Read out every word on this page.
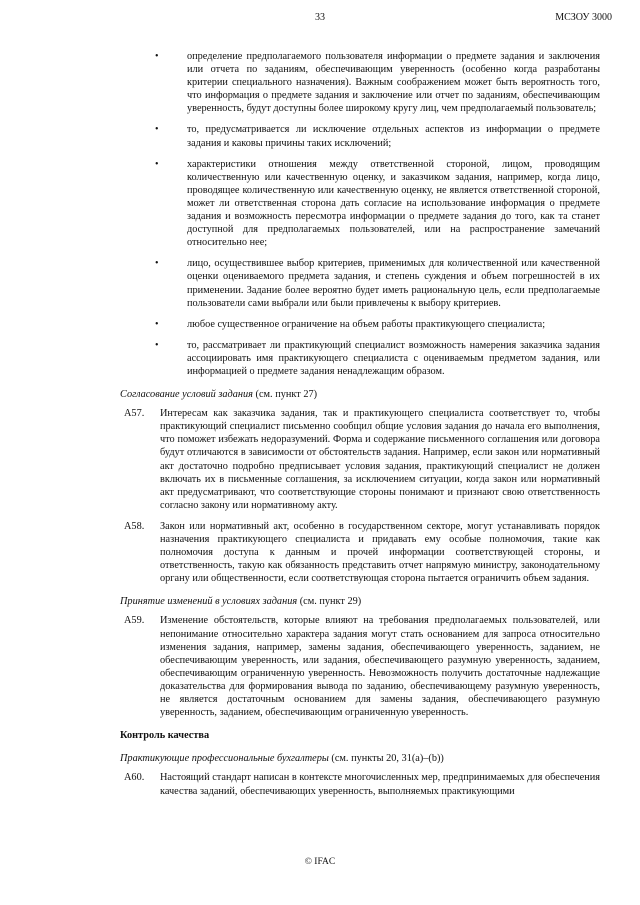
33	МСЗОУ 3000
•	определение предполагаемого пользователя информации о предмете задания и заключения или отчета по заданиям, обеспечивающим уверенность (особенно когда разработаны критерии специального назначения). Важным соображением может быть вероятность того, что информация о предмете задания и заключение или отчет по заданиям, обеспечивающим уверенность, будут доступны более широкому кругу лиц, чем предполагаемый пользователь;
•	то, предусматривается ли исключение отдельных аспектов из информации о предмете задания и каковы причины таких исключений;
•	характеристики отношения между ответственной стороной, лицом, проводящим количественную или качественную оценку, и заказчиком задания, например, когда лицо, проводящее количественную или качественную оценку, не является ответственной стороной, может ли ответственная сторона дать согласие на использование информация о предмете задания и возможность пересмотра информации о предмете задания до того, как та станет доступной для предполагаемых пользователей, или на распространение замечаний относительно нее;
•	лицо, осуществившее выбор критериев, применимых для количественной или качественной оценки оцениваемого предмета задания, и степень суждения и объем погрешностей в их применении. Задание более вероятно будет иметь рациональную цель, если предполагаемые пользователи сами выбрали или были привлечены к выбору критериев.
•	любое существенное ограничение на объем работы практикующего специалиста;
•	то, рассматривает ли практикующий специалист возможность намерения заказчика задания ассоциировать имя практикующего специалиста с оцениваемым предметом задания, или информацией о предмете задания ненадлежащим образом.
Согласование условий задания (см. пункт 27)
А57. Интересам как заказчика задания, так и практикующего специалиста соответствует то, чтобы практикующий специалист письменно сообщил общие условия задания до начала его выполнения, что поможет избежать недоразумений. Форма и содержание письменного соглашения или договора будут отличаются в зависимости от обстоятельств задания. Например, если закон или нормативный акт достаточно подробно предписывает условия задания, практикующий специалист не должен включать их в письменные соглашения, за исключением ситуации, когда закон или нормативный акт предусматривают, что соответствующие стороны понимают и признают свою ответственность согласно закону или нормативному акту.
А58. Закон или нормативный акт, особенно в государственном секторе, могут устанавливать порядок назначения практикующего специалиста и придавать ему особые полномочия, такие как полномочия доступа к данным и прочей информации соответствующей стороны, и ответственность, такую как обязанность представить отчет напрямую министру, законодательному органу или общественности, если соответствующая сторона пытается ограничить объем задания.
Принятие изменений в условиях задания (см. пункт 29)
А59. Изменение обстоятельств, которые влияют на требования предполагаемых пользователей, или непонимание относительно характера задания могут стать основанием для запроса относительно изменения задания, например, замены задания, обеспечивающего уверенность, заданием, не обеспечивающим уверенность, или задания, обеспечивающего разумную уверенность, заданием, обеспечивающим ограниченную уверенность. Невозможность получить достаточные надлежащие доказательства для формирования вывода по заданию, обеспечивающему разумную уверенность, не является достаточным основанием для замены задания, обеспечивающего разумную уверенность, заданием, обеспечивающим ограниченную уверенность.
Контроль качества
Практикующие профессиональные бухгалтеры (см. пункты 20, 31(a)–(b))
А60. Настоящий стандарт написан в контексте многочисленных мер, предпринимаемых для обеспечения качества заданий, обеспечивающих уверенность, выполняемых практикующими
© IFAC
